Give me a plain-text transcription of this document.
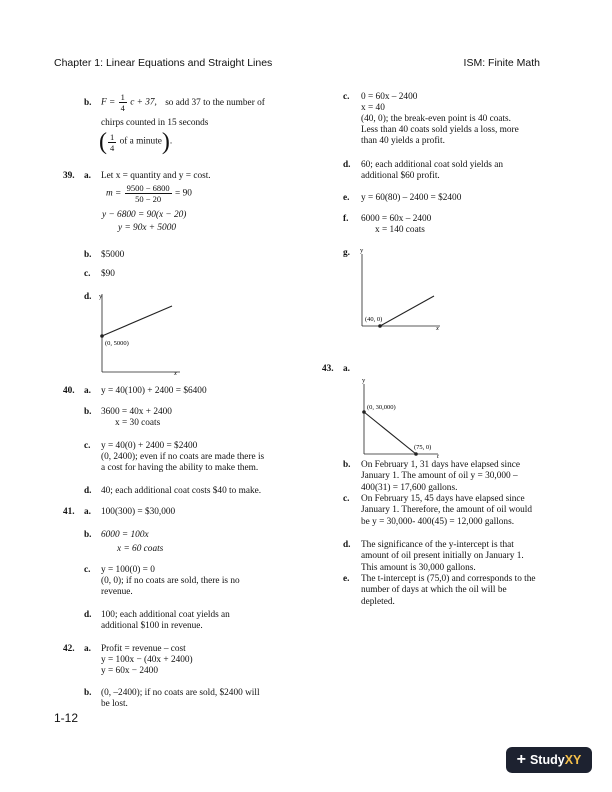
Chapter 1: Linear Equations and Straight Lines	ISM: Finite Math
b. $F = \frac{1}{4}$ c + 37, so add 37 to the number of
chirps counted in 15 seconds
( $\frac{1}{4}$ of a minute).
39. a. Let x = quantity and y = cost.
$m = \frac{9500 - 6800}{50 - 20} = 90$
y − 6800 = 90(x − 20)
y = 90x + 5000
b. $5000
c. $90
d. y
(0, 5000)
x
40. a. y = 40(100) + 2400 = $6400
b. 3600 = 40x + 2400
x = 30 coats
c. y = 40(0) + 2400 = $2400
(0, 2400); even if no coats are made there is
a cost for having the ability to make them.
d. 40; each additional coat costs $40 to make.
41. a. 100(300) = $30,000
b. 6000 = 100x
x = 60 coats
c. y = 100(0) = 0
(0, 0); if no coats are sold, there is no
revenue.
d. 100; each additional coat yields an
additional $100 in revenue.
42. a. Profit = revenue – cost
y = 100x − (40x + 2400)
y = 60x − 2400
b. (0, –2400); if no coats are sold, $2400 will
be lost.
1-12
c. 0 = 60x – 2400
x = 40
(40, 0); the break-even point is 40 coats.
Less than 40 coats sold yields a loss, more
than 40 yields a profit.
d. 60; each additional coat sold yields an
additional $60 profit.
e. y = 60(80) – 2400 = $2400
f. 6000 = 60x – 2400
x = 140 coats
g. y
(40, 0)
x
43. a.
y
(0, 30,000)
(75, 0)
t
b. On February 1, 31 days have elapsed since January 1. The amount of oil y = 30,000 – 400(31) = 17,600 gallons.
c. On February 15, 45 days have elapsed since January 1. Therefore, the amount of oil would be y = 30,000- 400(45) = 12,000 gallons.
d. The significance of the y-intercept is that amount of oil present initially on January 1. This amount is 30,000 gallons.
e. The t-intercept is (75,0) and corresponds to the number of days at which the oil will be depleted.
+ StudyXY
